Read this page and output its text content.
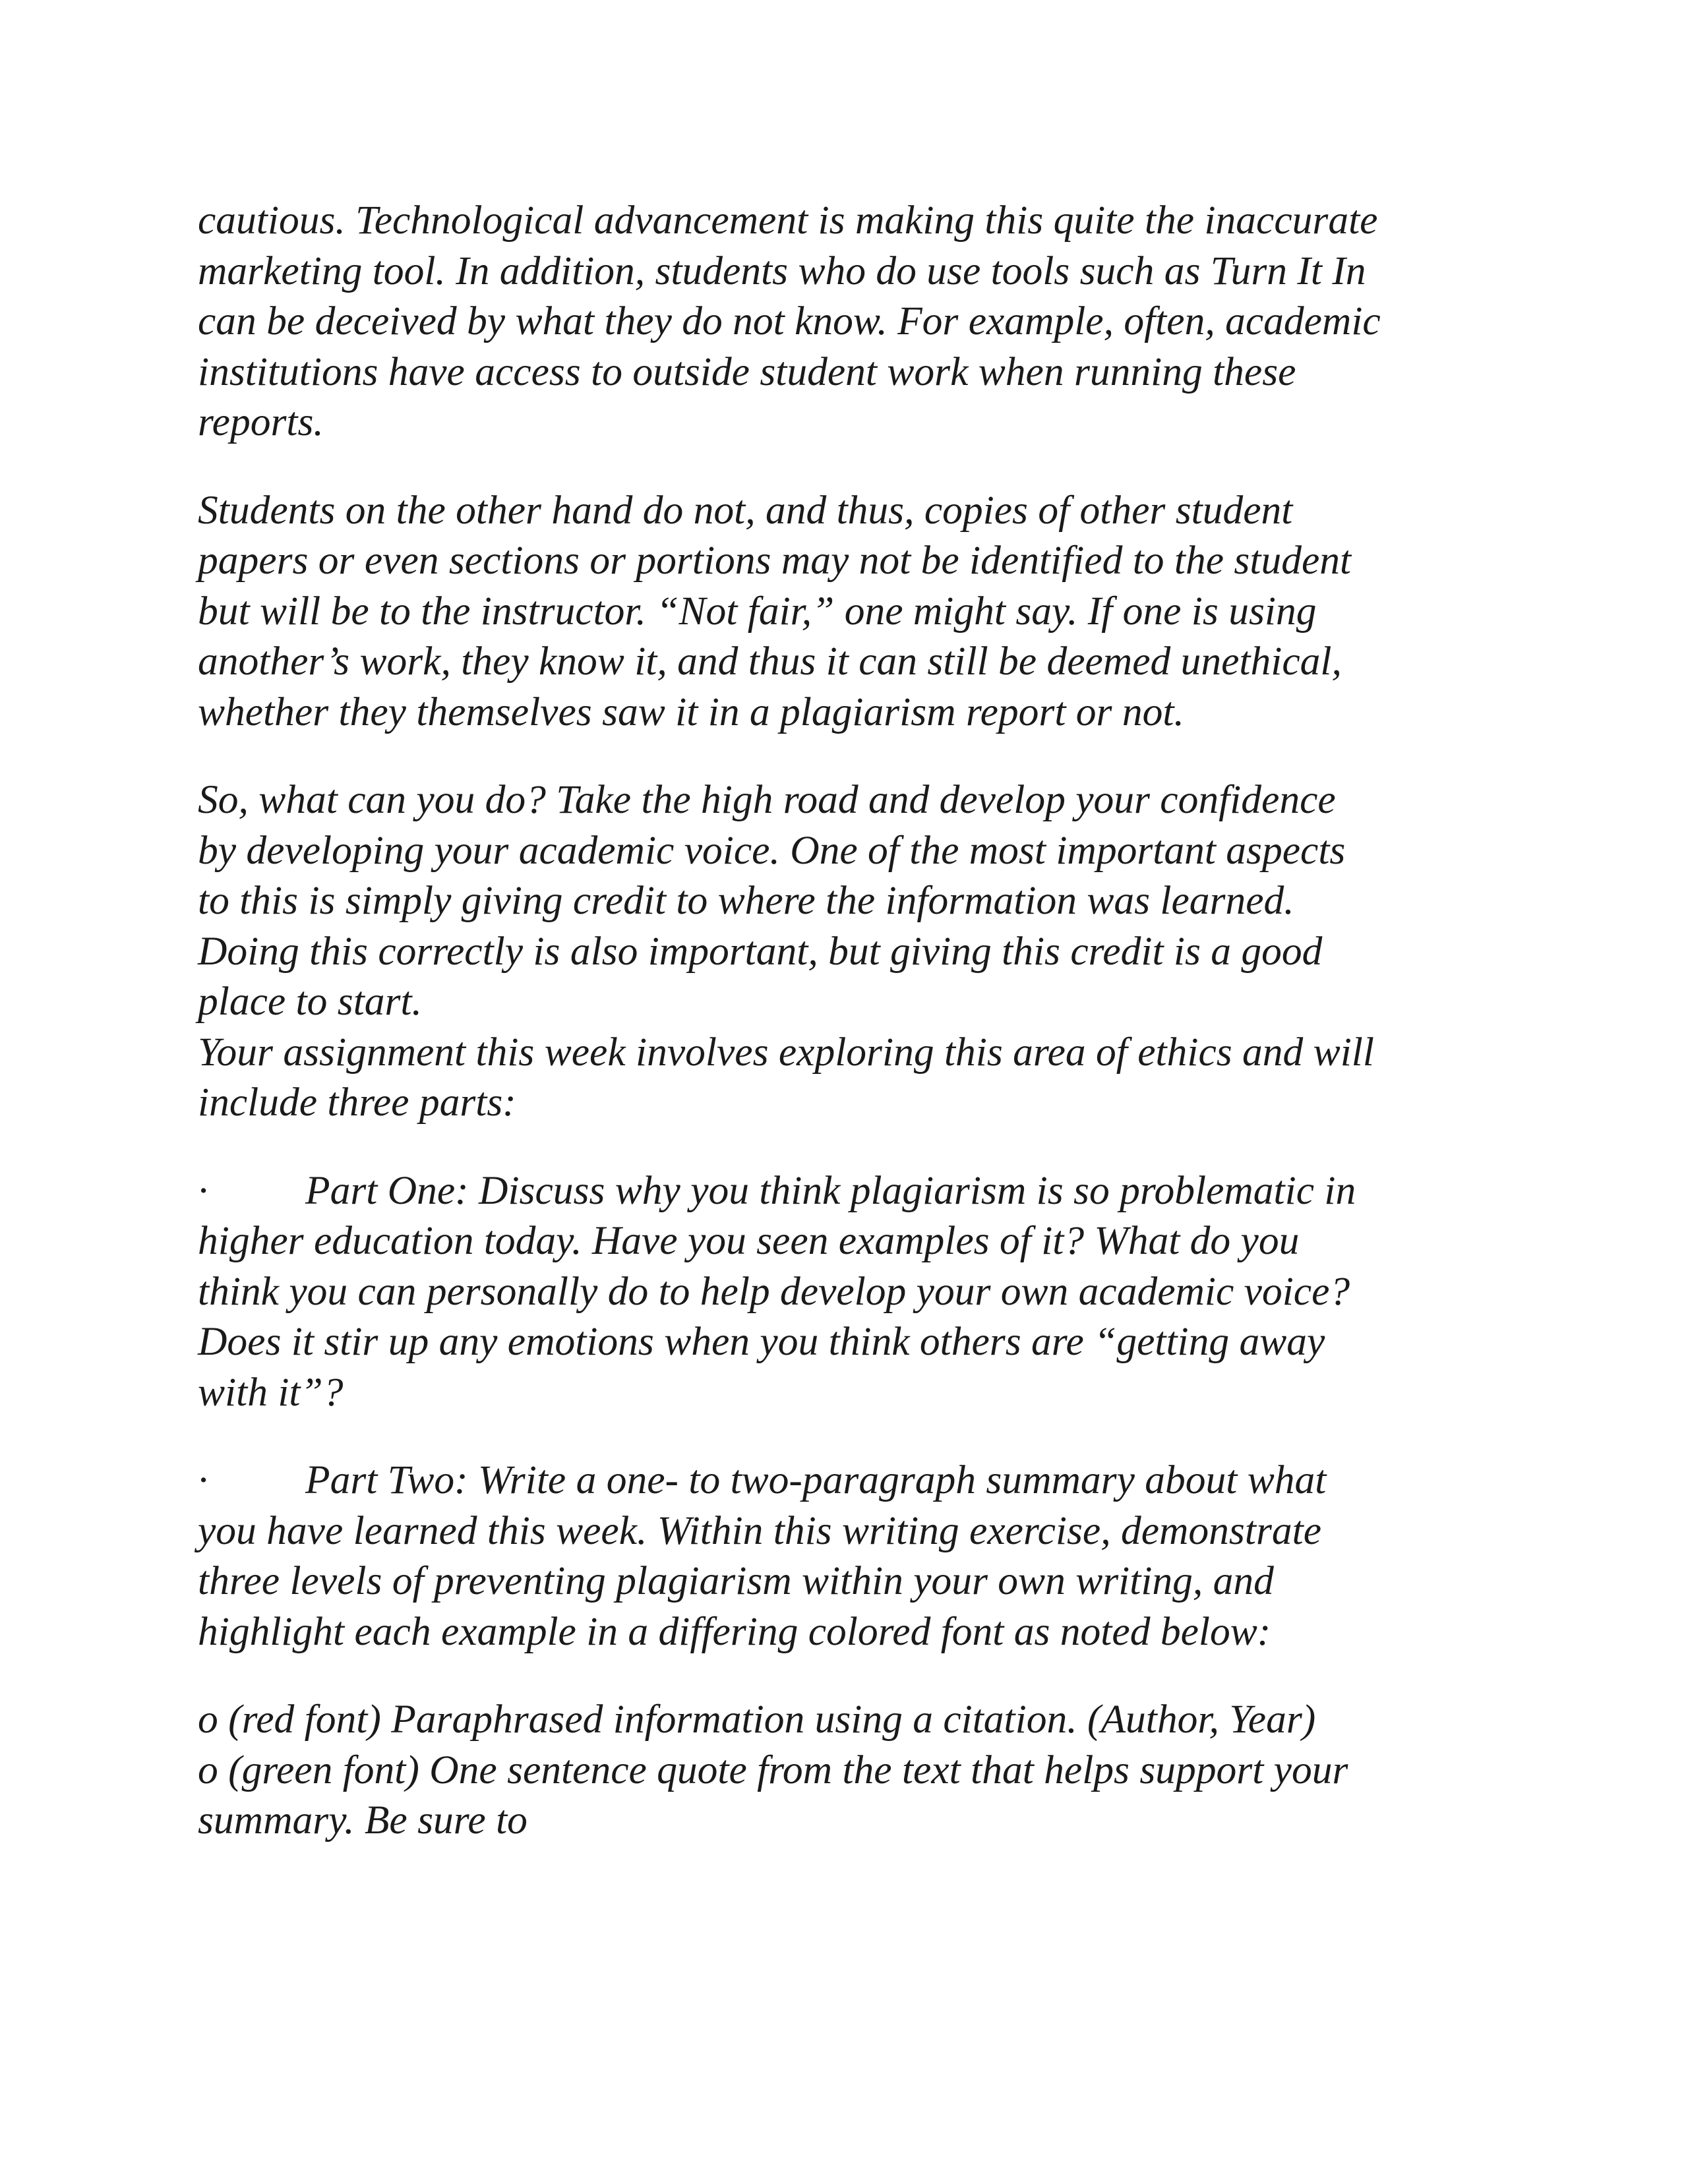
cautious. Technological advancement is making this quite the inaccurate
marketing tool. In addition, students who do use tools such as Turn It In
can be deceived by what they do not know. For example, often, academic
institutions have access to outside student work when running these
reports.

Students on the other hand do not, and thus, copies of other student
papers or even sections or portions may not be identified to the student
but will be to the instructor. “Not fair,” one might say. If one is using
another’s work, they know it, and thus it can still be deemed unethical,
whether they themselves saw it in a plagiarism report or not.

So, what can you do? Take the high road and develop your confidence
by developing your academic voice. One of the most important aspects
to this is simply giving credit to where the information was learned.
Doing this correctly is also important, but giving this credit is a good
place to start.
Your assignment this week involves exploring this area of ethics and will
include three parts:

· Part One: Discuss why you think plagiarism is so problematic in
higher education today. Have you seen examples of it? What do you
think you can personally do to help develop your own academic voice?
Does it stir up any emotions when you think others are “getting away
with it”?

· Part Two: Write a one- to two-paragraph summary about what
you have learned this week. Within this writing exercise, demonstrate
three levels of preventing plagiarism within your own writing, and
highlight each example in a differing colored font as noted below:

o (red font) Paraphrased information using a citation. (Author, Year)
o (green font) One sentence quote from the text that helps support your
summary. Be sure to
